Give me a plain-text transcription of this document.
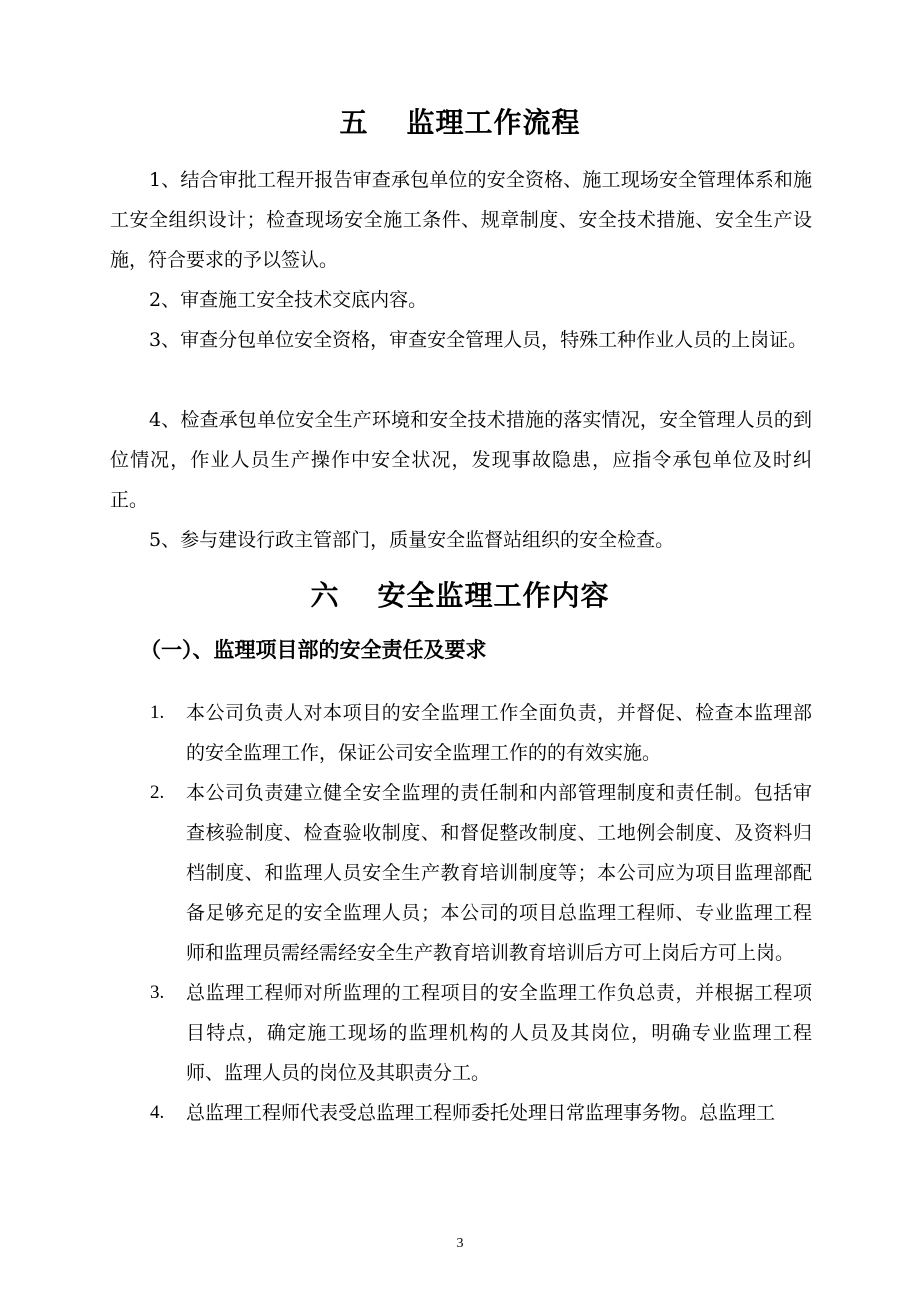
五 监理工作流程
1、结合审批工程开报告审查承包单位的安全资格、施工现场安全管理体系和施工安全组织设计；检查现场安全施工条件、规章制度、安全技术措施、安全生产设施，符合要求的予以签认。
2、审查施工安全技术交底内容。
3、审查分包单位安全资格，审查安全管理人员，特殊工种作业人员的上岗证。
4、检查承包单位安全生产环境和安全技术措施的落实情况，安全管理人员的到位情况，作业人员生产操作中安全状况，发现事故隐患，应指令承包单位及时纠正。
5、参与建设行政主管部门，质量安全监督站组织的安全检查。
六 安全监理工作内容
（一）、监理项目部的安全责任及要求
1.	本公司负责人对本项目的安全监理工作全面负责，并督促、检查本监理部的安全监理工作，保证公司安全监理工作的的有效实施。
2.	本公司负责建立健全安全监理的责任制和内部管理制度和责任制。包括审查核验制度、检查验收制度、和督促整改制度、工地例会制度、及资料归档制度、和监理人员安全生产教育培训制度等；本公司应为项目监理部配备足够充足的安全监理人员；本公司的项目总监理工程师、专业监理工程师和监理员需经需经安全生产教育培训教育培训后方可上岗后方可上岗。
3.	总监理工程师对所监理的工程项目的安全监理工作负总责，并根据工程项目特点，确定施工现场的监理机构的人员及其岗位，明确专业监理工程师、监理人员的岗位及其职责分工。
4.	总监理工程师代表受总监理工程师委托处理日常监理事务物。总监理工
3
